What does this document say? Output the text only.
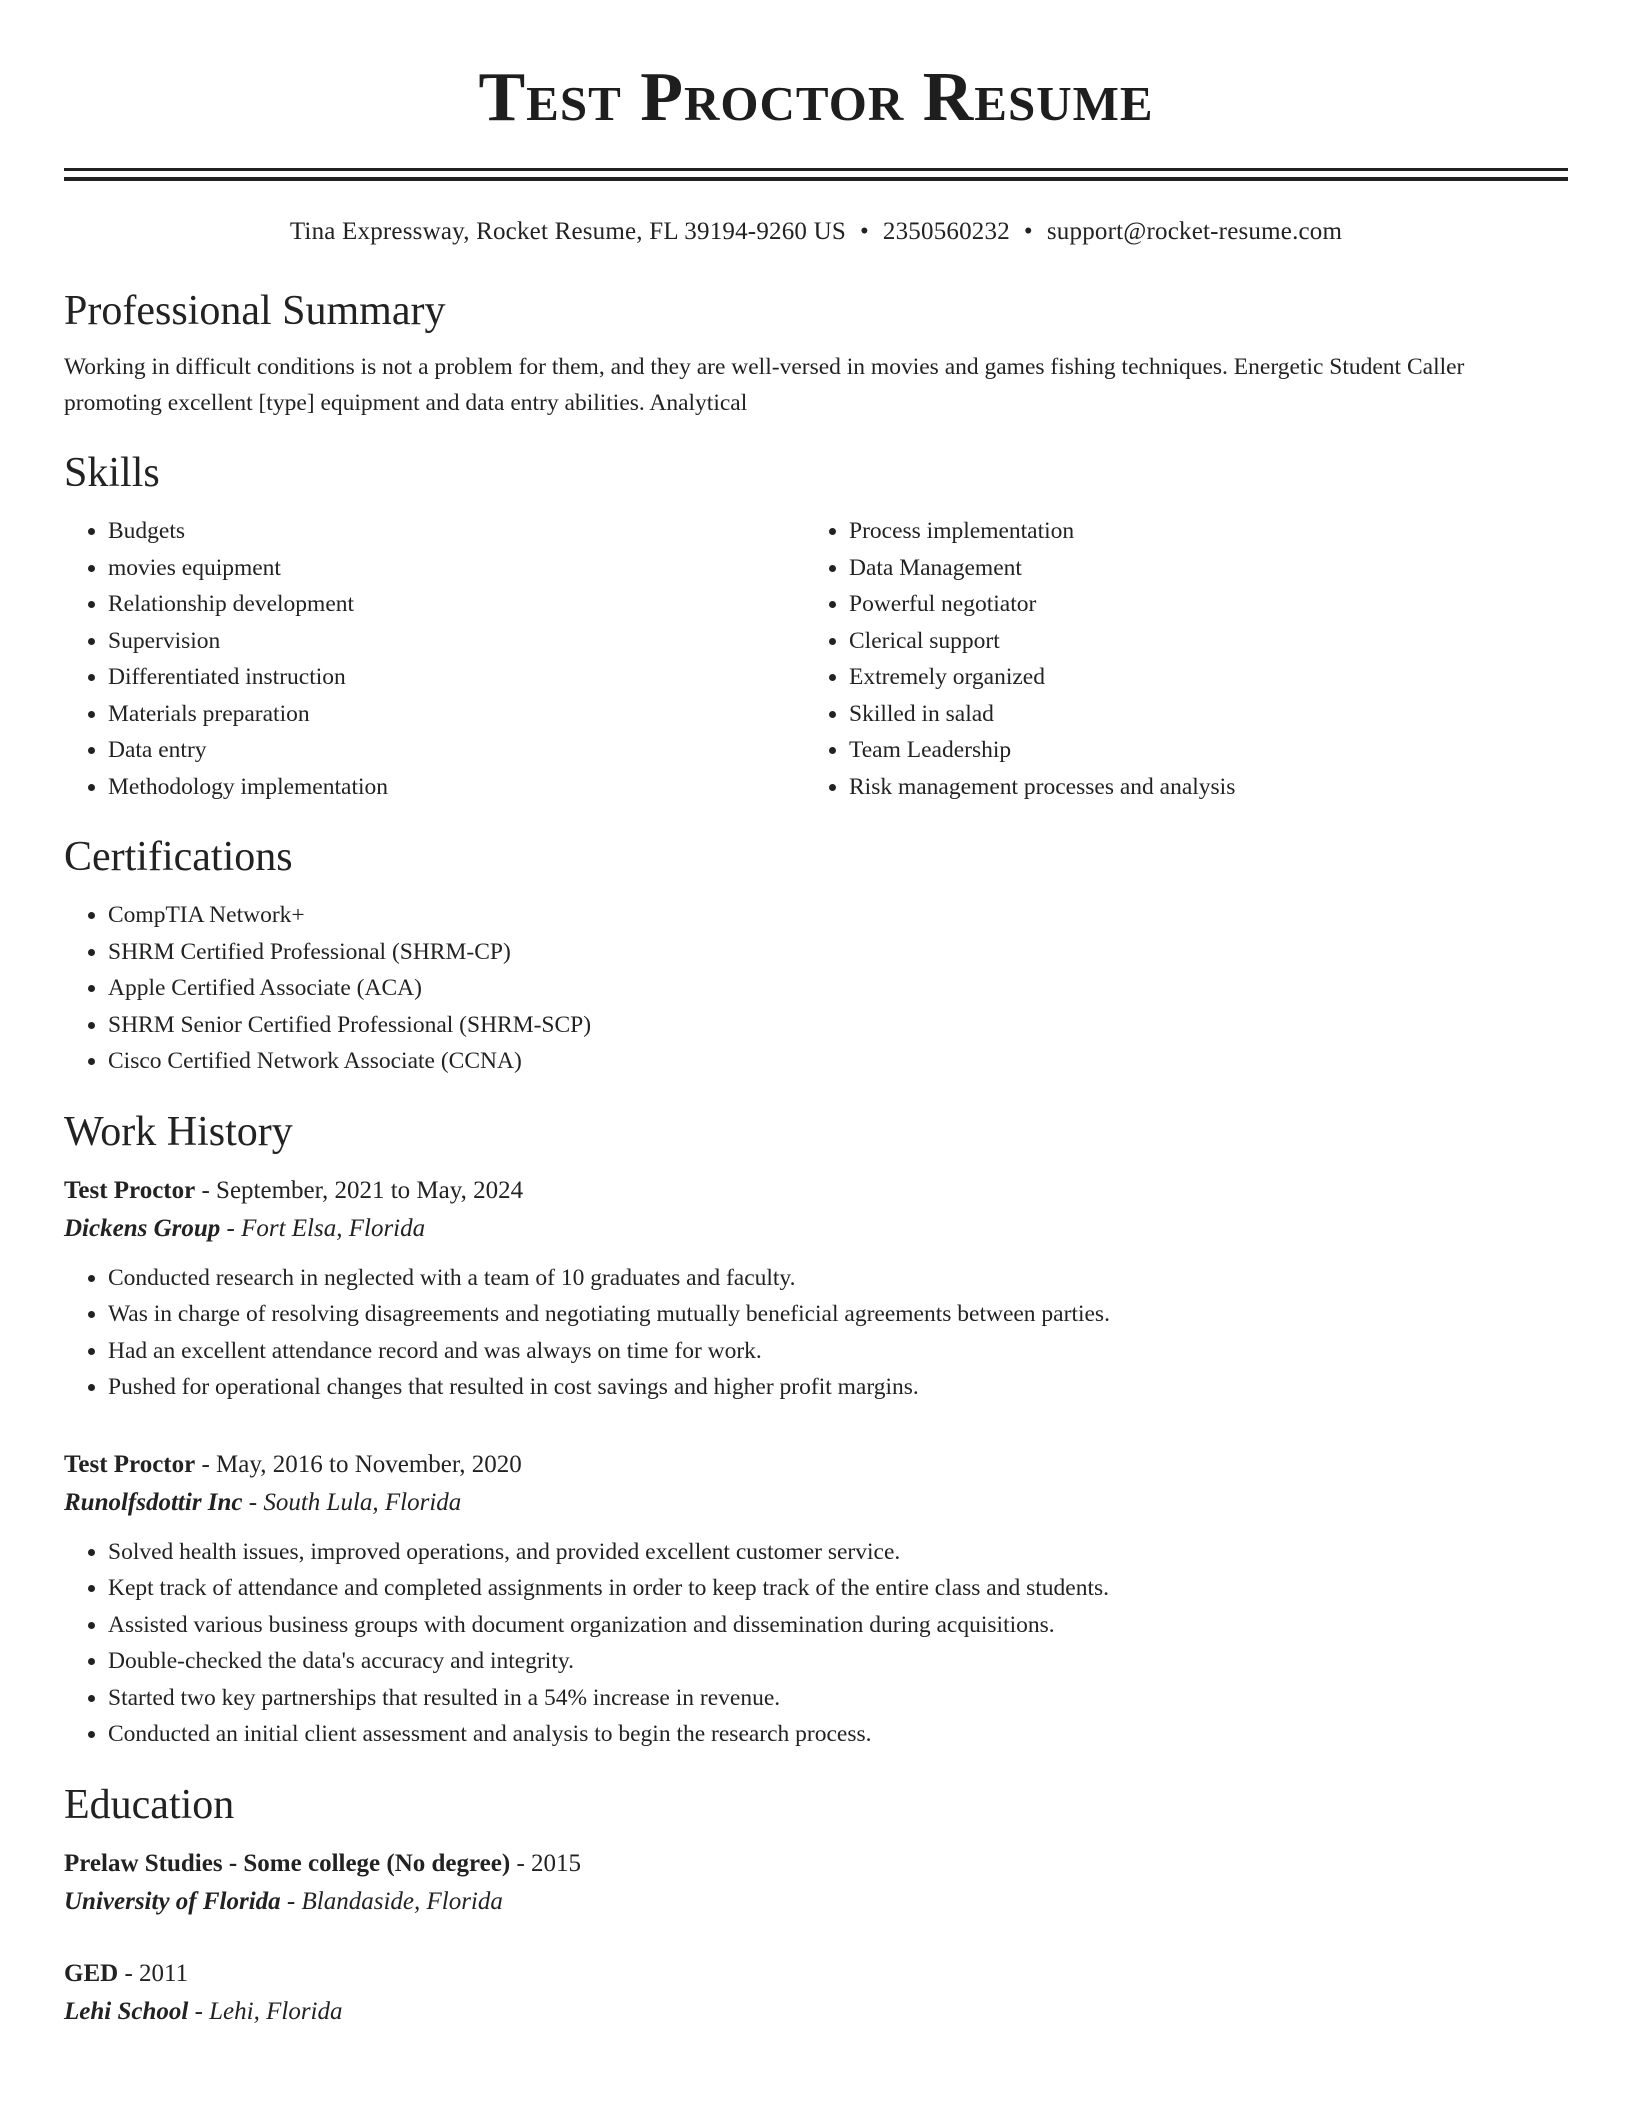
Test Proctor Resume
Tina Expressway, Rocket Resume, FL 39194-9260 US • 2350560232 • support@rocket-resume.com
Professional Summary

Working in difficult conditions is not a problem for them, and they are well-versed in movies and games fishing techniques. Energetic Student Caller promoting excellent [type] equipment and data entry abilities. Analytical

Skills
• Budgets
• movies equipment
• Relationship development
• Supervision
• Differentiated instruction
• Materials preparation
• Data entry
• Methodology implementation
• Process implementation
• Data Management
• Powerful negotiator
• Clerical support
• Extremely organized
• Skilled in salad
• Team Leadership
• Risk management processes and analysis
Certifications
• CompTIA Network+
• SHRM Certified Professional (SHRM-CP)
• Apple Certified Associate (ACA)
• SHRM Senior Certified Professional (SHRM-SCP)
• Cisco Certified Network Associate (CCNA)
Work History

Test Proctor - September, 2021 to May, 2024

Dickens Group - Fort Elsa, Florida

• Conducted research in neglected with a team of 10 graduates and faculty.
• Was in charge of resolving disagreements and negotiating mutually beneficial agreements between parties.
• Had an excellent attendance record and was always on time for work.
• Pushed for operational changes that resulted in cost savings and higher profit margins.

Test Proctor - May, 2016 to November, 2020

Runolfsdottir Inc - South Lula, Florida

• Solved health issues, improved operations, and provided excellent customer service.
• Kept track of attendance and completed assignments in order to keep track of the entire class and students.
• Assisted various business groups with document organization and dissemination during acquisitions.
• Double-checked the data's accuracy and integrity.
• Started two key partnerships that resulted in a 54% increase in revenue.
• Conducted an initial client assessment and analysis to begin the research process.
Education

Prelaw Studies - Some college (No degree) - 2015

University of Florida - Blandaside, Florida

GED - 2011

Lehi School - Lehi, Florida
